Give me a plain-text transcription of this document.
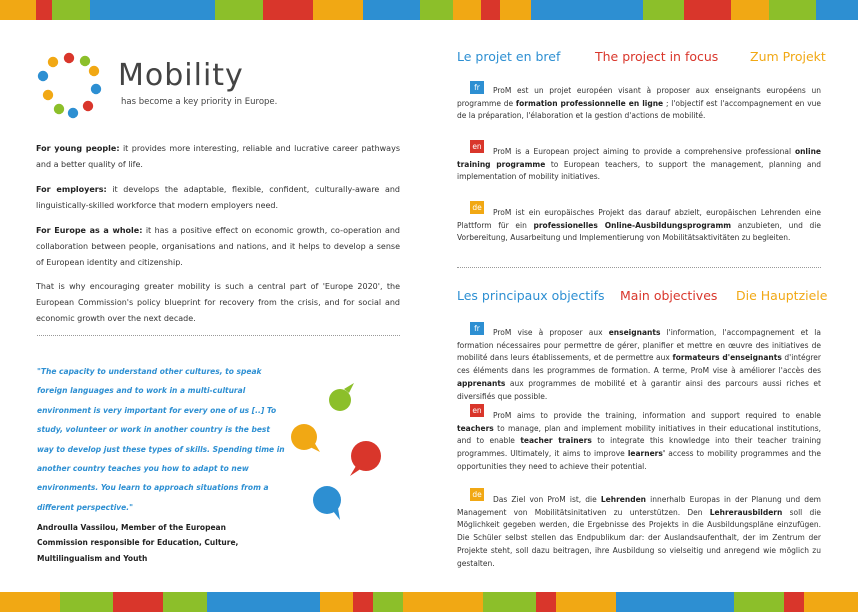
Mobility
has become a key priority in Europe.

For young people: it provides more interesting, reliable and lucrative career pathways and a better quality of life.

For employers: it develops the adaptable, flexible, confident, culturally-aware and linguistically-skilled workforce that modern employers need.

For Europe as a whole: it has a positive effect on economic growth, co-operation and collaboration between people, organisations and nations, and it helps to develop a sense of European identity and citizenship.

That is why encouraging greater mobility is such a central part of 'Europe 2020', the European Commission's policy blueprint for recovery from the crisis, and for social and economic growth over the next decade.

"The capacity to understand other cultures, to speak foreign languages and to work in a multi-cultural environment is very important for every one of us [..] To study, volunteer or work in another country is the best way to develop just these types of skills. Spending time in another country teaches you how to adapt to new environments. You learn to approach situations from a different perspective."

Androulla Vassilou, Member of the European Commission responsible for Education, Culture, Multilingualism and Youth

Le projet en bref	The project in focus	Zum Projekt
fr	ProM est un projet européen visant à proposer aux enseignants européens un programme de formation professionnelle en ligne ; l'objectif est l'accompagnement en vue de la préparation, l'élaboration et la gestion d'actions de mobilité.

en

ProM is a European project aiming to provide a comprehensive professional online training programme to European teachers, to support the management, planning and implementation of mobility initiatives.

de

ProM ist ein europäisches Projekt das darauf abzielt, europäischen Lehrenden eine Plattform für ein professionelles Online-Ausbildungsprogramm anzubieten, und die Vorbereitung, Ausarbeitung und Implementierung von Mobilitätsaktivitäten zu begleiten.

Les principaux objectifs Main objectives Die Hauptziele
fr	ProM vise à proposer aux enseignants l'information, l'accompagnement et la formation nécessaires pour permettre de gérer, planifier et mettre en œuvre des initiatives de mobilité dans leurs établissements, et de permettre aux formateurs d'enseignants d'intégrer ces éléments dans les programmes de formation. A terme, ProM vise à améliorer l'accès des apprenants aux programmes de mobilité et à garantir ainsi des parcours aussi riches et diversifiés que possible.

en

ProM aims to provide the training, information and support required to enable teachers to manage, plan and implement mobility initiatives in their educational institutions, and to enable teacher trainers to integrate this knowledge into their teacher training programmes. Ultimately, it aims to improve learners' access to mobility programmes and the opportunities they need to achieve their potential.

de

Das Ziel von ProM ist, die Lehrenden innerhalb Europas in der Planung und dem Management von Mobilitätsinitativen zu unterstützen. Den Lehrerausbildern soll die Möglichkeit gegeben werden, die Ergebnisse des Projekts in die Ausbildungspläne einzufügen. Die Schüler selbst stellen das Endpublikum dar: der Auslandsaufenthalt, der im Zentrum der Projekte steht, soll dazu beitragen, ihre Ausbildung so vielseitig und anregend wie möglich zu gestalten.
